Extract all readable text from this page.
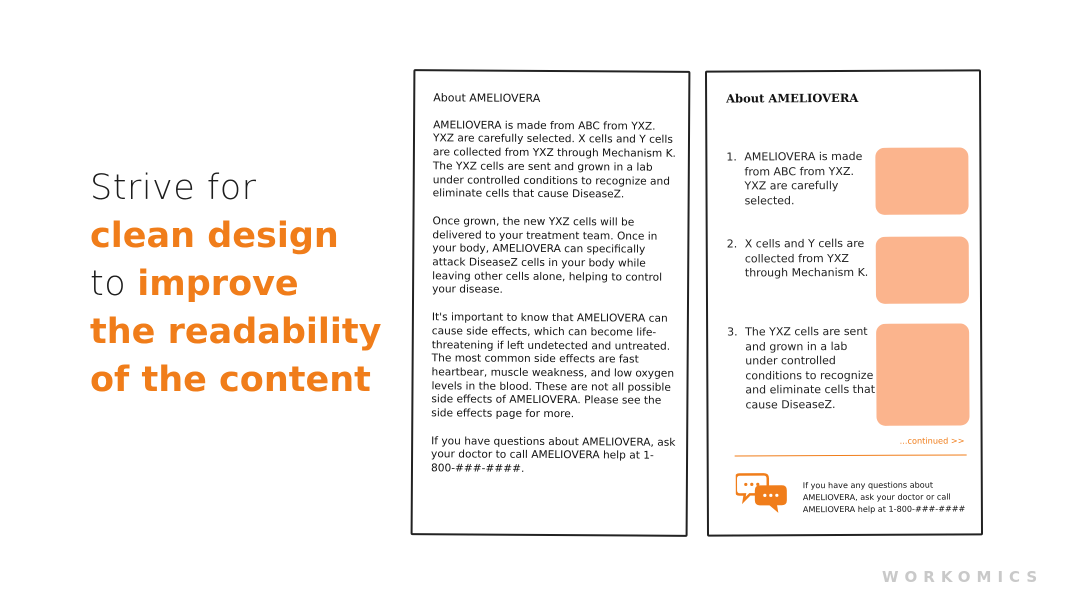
Strive for
clean design
to improve
the readability
of the content
About AMELIOVERA

AMELIOVERA is made from ABC from YXZ. YXZ are carefully selected. X cells and Y cells are collected from YXZ through Mechanism K. The YXZ cells are sent and grown in a lab under controlled conditions to recognize and eliminate cells that cause DiseaseZ.

Once grown, the new YXZ cells will be delivered to your treatment team. Once in your body, AMELIOVERA can specifically attack DiseaseZ cells in your body while leaving other cells alone, helping to control your disease.

It's important to know that AMELIOVERA can cause side effects, which can become life-threatening if left undetected and untreated. The most common side effects are fast heartbear, muscle weakness, and low oxygen levels in the blood. These are not all possible side effects of AMELIOVERA. Please see the side effects page for more.

If you have questions about AMELIOVERA, ask your doctor to call AMELIOVERA help at 1-800-###-####.

About AMELIOVERA
1. AMELIOVERA is made from ABC from YXZ. YXZ are carefully selected.
2. X cells and Y cells are collected from YXZ through Mechanism K.
3. The YXZ cells are sent and grown in a lab under controlled conditions to recognize and eliminate cells that cause DiseaseZ.
...continued >>
If you have any questions about AMELIOVERA, ask your doctor or call AMELIOVERA help at 1-800-###-####
WORKOMICS
